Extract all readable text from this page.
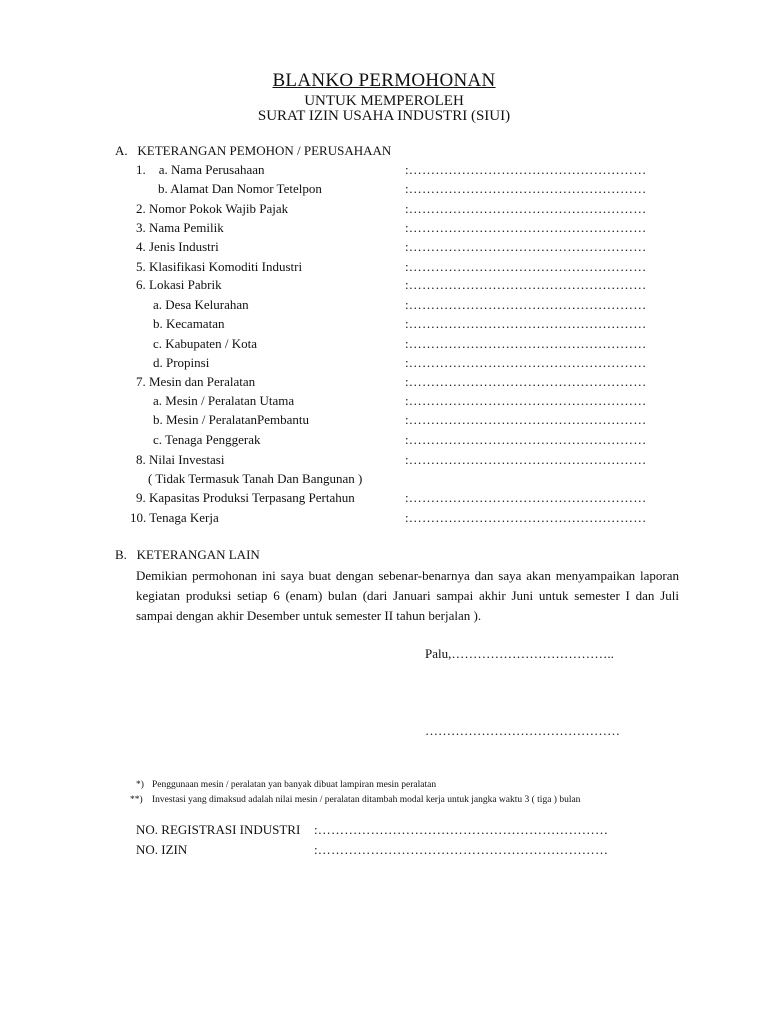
BLANKO PERMOHONAN
UNTUK MEMPEROLEH
SURAT IZIN USAHA INDUSTRI (SIUI)
A.   KETERANGAN PEMOHON / PERUSAHAAN
1.    a. Nama Perusahaan	:………………………………………………
b. Alamat Dan Nomor Tetelpon	:………………………………………………
2. Nomor Pokok Wajib Pajak	:………………………………………………
3. Nama Pemilik	:………………………………………………
4. Jenis Industri	:………………………………………………
5. Klasifikasi Komoditi Industri	:………………………………………………
6. Lokasi Pabrik	:………………………………………………
a. Desa Kelurahan	:………………………………………………
b. Kecamatan	:………………………………………………
c. Kabupaten / Kota	:………………………………………………
d. Propinsi	:………………………………………………
7. Mesin dan Peralatan	:………………………………………………
a. Mesin / Peralatan Utama	:………………………………………………
b. Mesin / PeralatanPembantu	:………………………………………………
c. Tenaga Penggerak	:………………………………………………
8. Nilai Investasi	:………………………………………………
( Tidak Termasuk Tanah Dan Bangunan )
9. Kapasitas Produksi Terpasang Pertahun	:………………………………………………
10. Tenaga Kerja	:………………………………………………
B.   KETERANGAN LAIN
Demikian permohonan ini saya buat dengan sebenar-benarnya dan saya akan menyampaikan laporan kegiatan produksi setiap 6 (enam) bulan (dari Januari sampai akhir Juni untuk semester I dan Juli sampai dengan akhir Desember untuk semester II tahun berjalan ).
Palu,………………………………..
………………………………………
*) Penggunaan mesin / peralatan yan banyak dibuat lampiran mesin peralatan
**) Investasi yang dimaksud adalah nilai mesin / peralatan ditambah modal kerja untuk jangka waktu 3 ( tiga ) bulan
NO. REGISTRASI INDUSTRI :…………………………………………………………
NO. IZIN	:…………………………………………………………
